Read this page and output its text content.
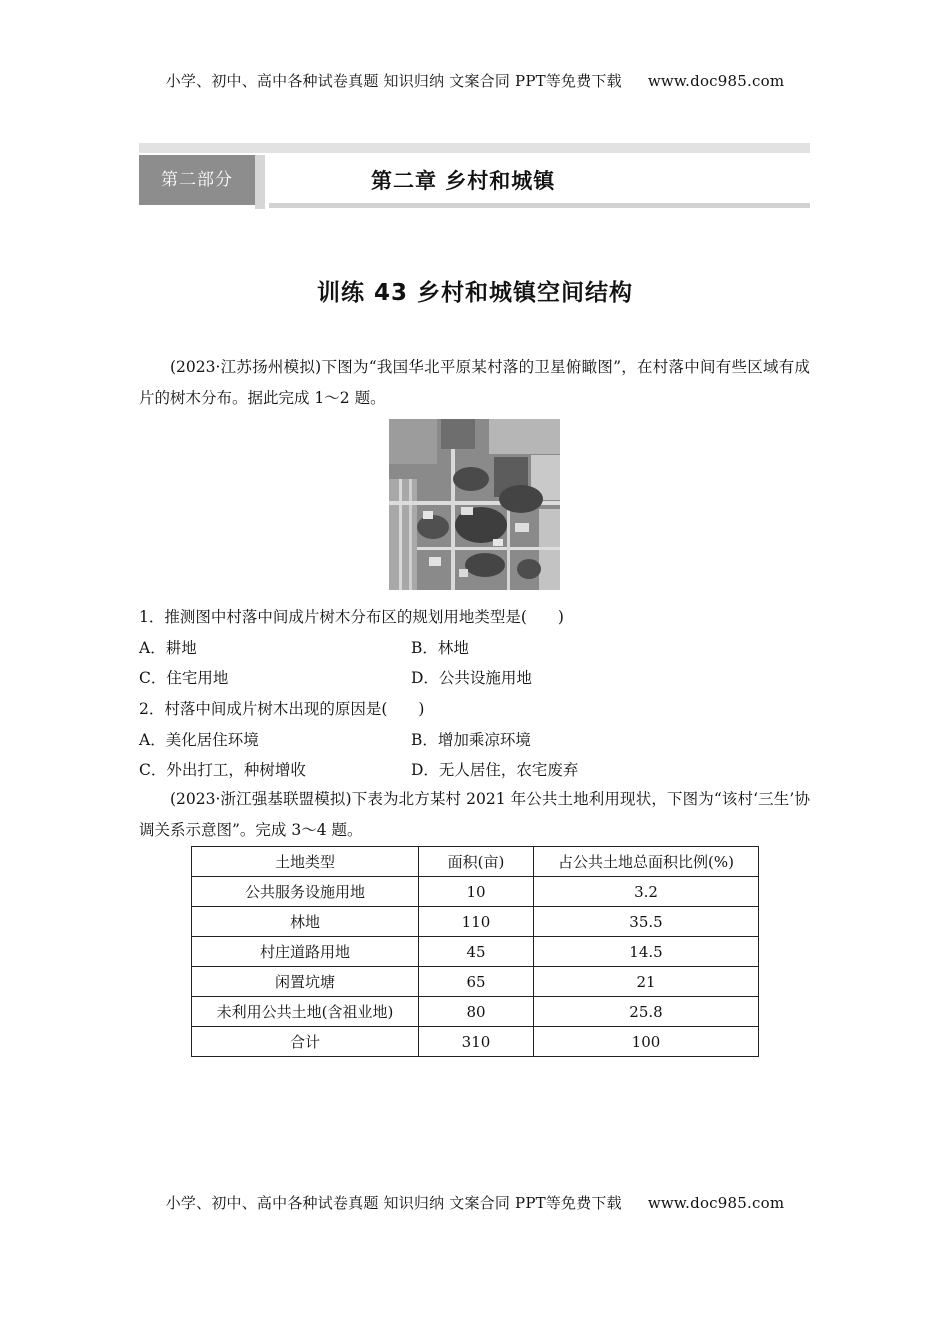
小学、初中、高中各种试卷真题 知识归纳 文案合同 PPT等免费下载 www.doc985.com
第二部分	第二章 乡村和城镇
训练 43 乡村和城镇空间结构
(2023·江苏扬州模拟)下图为“我国华北平原某村落的卫星俯瞰图”，在村落中间有些区域有成片的树木分布。据此完成 1～2 题。
1．推测图中村落中间成片树木分布区的规划用地类型是(　　)
A．耕地	B．林地
C．住宅用地	D．公共设施用地
2．村落中间成片树木出现的原因是(　　)
A．美化居住环境	B．增加乘凉环境
C．外出打工，种树增收	D．无人居住，农宅废弃
(2023·浙江强基联盟模拟)下表为北方某村 2021 年公共土地利用现状，下图为“该村‘三生’协调关系示意图”。完成 3～4 题。
土地类型	面积(亩)	占公共土地总面积比例(%)
公共服务设施用地	10	3.2
林地	110	35.5
村庄道路用地	45	14.5
闲置坑塘	65	21
未利用公共土地(含祖业地)	80	25.8
合计	310	100
小学、初中、高中各种试卷真题 知识归纳 文案合同 PPT等免费下载 www.doc985.com
